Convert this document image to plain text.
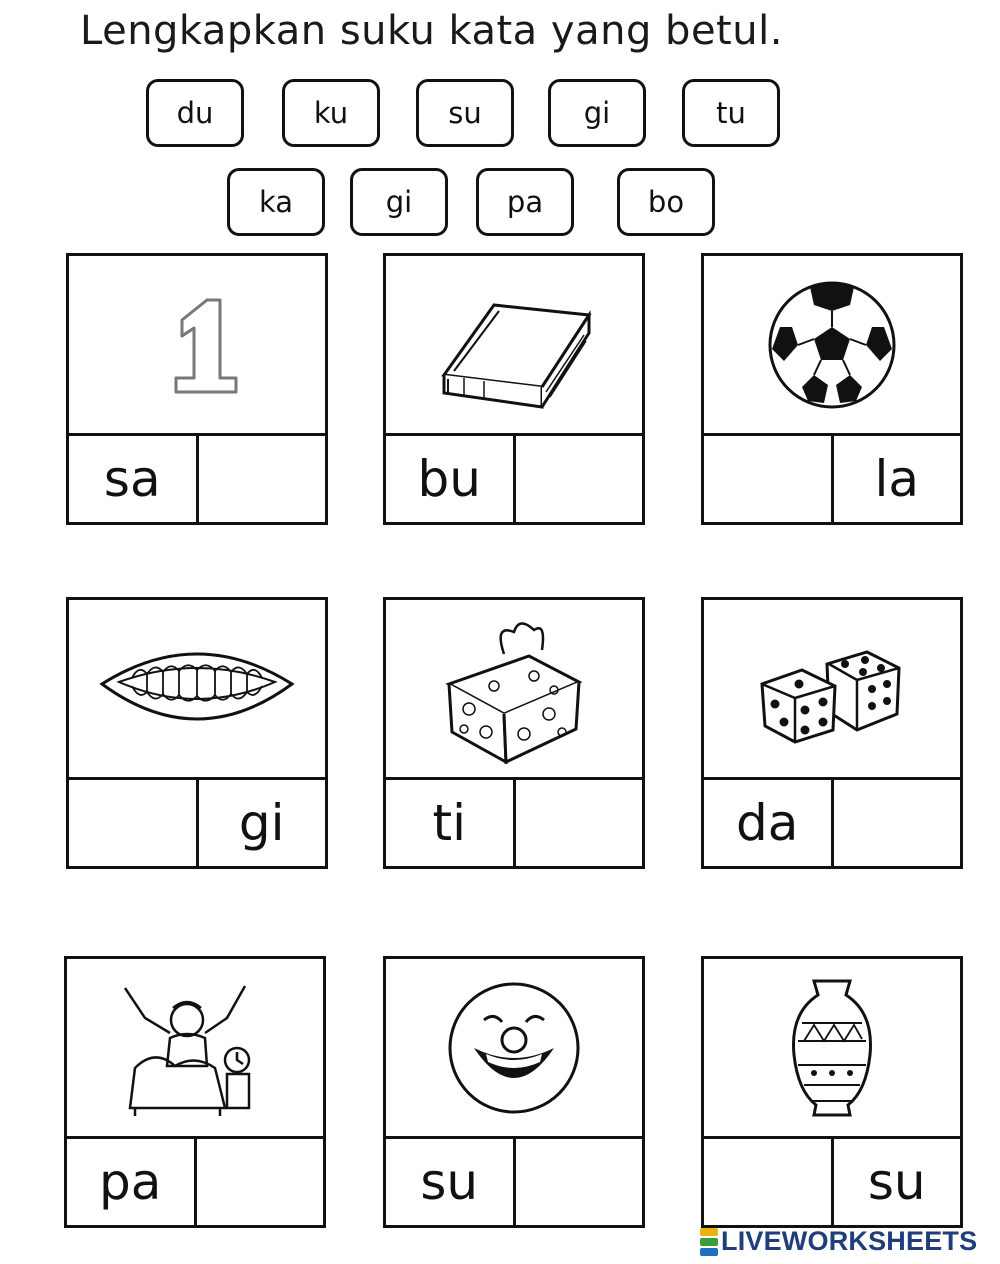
Lengkapkan suku kata yang betul.
du	ku	su	gi	tu
ka	gi	pa	bo
sa	bu	la
gi	ti	da
pa	su	su
LIVEWORKSHEETS
